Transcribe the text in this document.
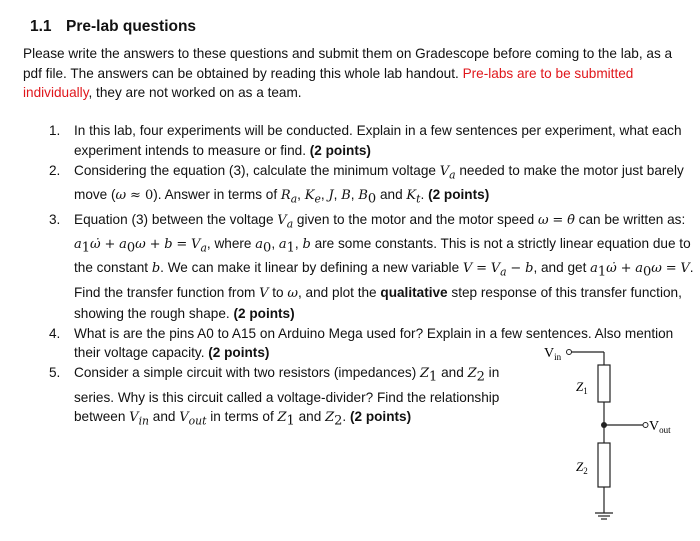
1.1 Pre-lab questions

Please write the answers to these questions and submit them on Gradescope before coming to the lab, as a pdf file. The answers can be obtained by reading this whole lab handout. Pre-labs are to be submitted individually, they are not worked on as a team.

1. In this lab, four experiments will be conducted. Explain in a few sentences per experiment, what each experiment intends to measure or find. (2 points)
2. Considering the equation (3), calculate the minimum voltage $V_a$ needed to make the motor just barely move (ω ≈ 0). Answer in terms of $R_a$, $K_e$, J, B, $B_0$ and $K_t$. (2 points)
3. Equation (3) between the voltage $V_a$ given to the motor and the motor speed ω = θ̇ can be written as: $a_1\omegȧ + a_0\omega + b = V_a$, where $a_0$, $a_1$, b are some constants. This is not a strictly linear equation due to the constant b. We can make it linear by defining a new variable $V = V_a - b$, and get $a_1\omegȧ + a_0\omega = V$. Find the transfer function from V to ω, and plot the qualitative step response of this transfer function, showing the rough shape. (2 points)
4. What is are the pins A0 to A15 on Arduino Mega used for? Explain in a few sentences. Also mention their voltage capacity. (2 points)
5. Consider a simple circuit with two resistors (impedances) $Z_1$ and $Z_2$ in series. Why is this circuit called a voltage-divider? Find the relationship between $V_{in}$ and $V_{out}$ in terms of $Z_1$ and $Z_2$. (2 points)
$V_{in}$
$Z_1$
$V_{out}$
$Z_2$
